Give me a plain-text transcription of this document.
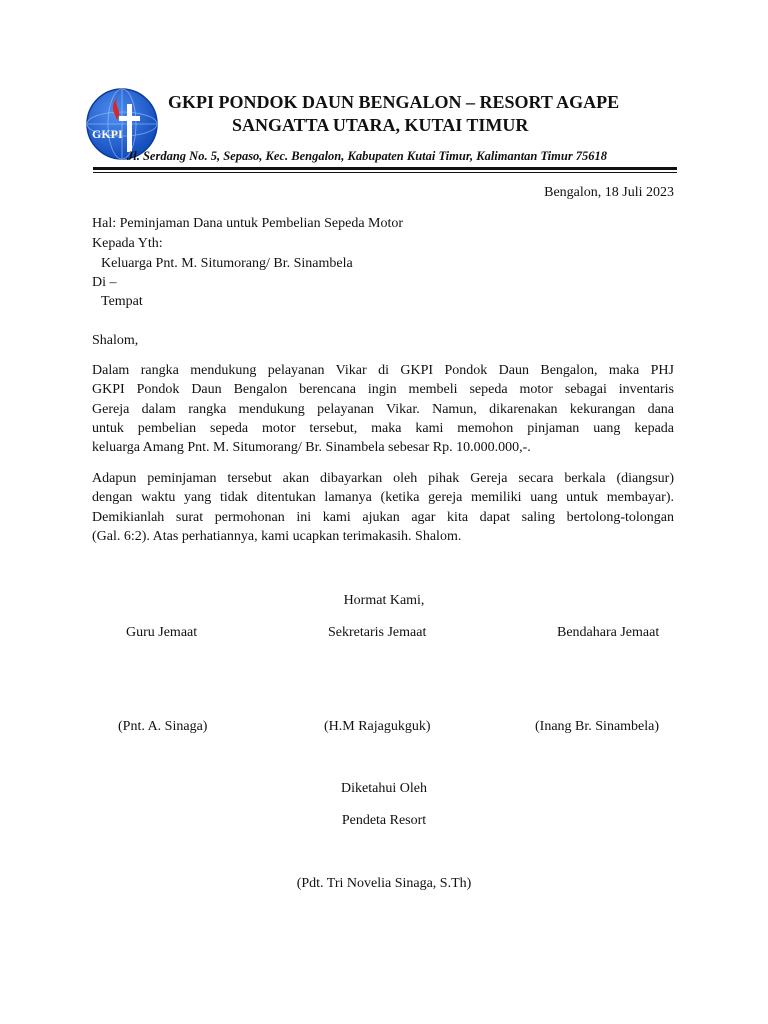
GKPI
GKPI PONDOK DAUN BENGALON – RESORT AGAPE
SANGATTA UTARA, KUTAI TIMUR
Jl. Serdang No. 5, Sepaso, Kec. Bengalon, Kabupaten Kutai Timur, Kalimantan Timur 75618
Bengalon, 18 Juli 2023
Hal: Peminjaman Dana untuk Pembelian Sepeda Motor
Kepada Yth:
Keluarga Pnt. M. Situmorang/ Br. Sinambela
Di –
Tempat
Shalom,
Dalam rangka mendukung pelayanan Vikar di GKPI Pondok Daun Bengalon, maka PHJ
GKPI Pondok Daun Bengalon berencana ingin membeli sepeda motor sebagai inventaris
Gereja dalam rangka mendukung pelayanan Vikar. Namun, dikarenakan kekurangan dana
untuk pembelian sepeda motor tersebut, maka kami memohon pinjaman uang kepada
keluarga Amang Pnt. M. Situmorang/ Br. Sinambela sebesar Rp. 10.000.000,-.
Adapun peminjaman tersebut akan dibayarkan oleh pihak Gereja secara berkala (diangsur)
dengan waktu yang tidak ditentukan lamanya (ketika gereja memiliki uang untuk membayar).
Demikianlah surat permohonan ini kami ajukan agar kita dapat saling bertolong-tolongan
(Gal. 6:2). Atas perhatiannya, kami ucapkan terimakasih. Shalom.
Hormat Kami,
Guru Jemaat	Sekretaris Jemaat	Bendahara Jemaat
(Pnt. A. Sinaga)	(H.M Rajagukguk)	(Inang Br. Sinambela)
Diketahui Oleh
Pendeta Resort
(Pdt. Tri Novelia Sinaga, S.Th)
